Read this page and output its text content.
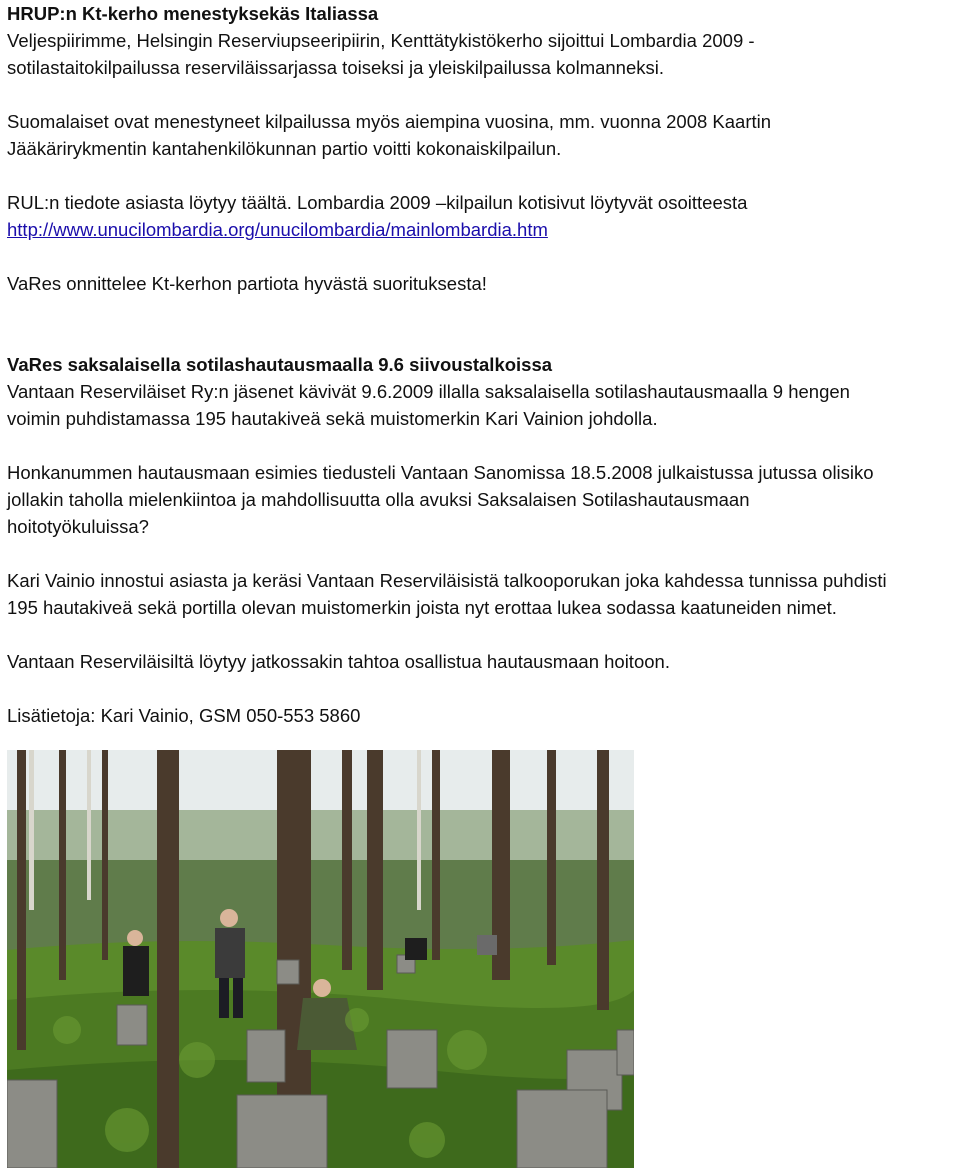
HRUP:n Kt-kerho menestyksekäs Italiassa
Veljespiirimme, Helsingin Reserviupseeripiirin, Kenttätykistökerho sijoittui Lombardia 2009 -
sotilastaitokilpailussa reserviläissarjassa toiseksi ja yleiskilpailussa kolmanneksi.
Suomalaiset ovat menestyneet kilpailussa myös aiempina vuosina, mm. vuonna 2008 Kaartin
Jääkärirykmentin kantahenkilökunnan partio voitti kokonaiskilpailun.
RUL:n tiedote asiasta löytyy täältä. Lombardia 2009 –kilpailun kotisivut löytyvät osoitteesta
http://www.unucilombardia.org/unucilombardia/mainlombardia.htm
VaRes onnittelee Kt-kerhon partiota hyvästä suorituksesta!
VaRes saksalaisella sotilashautausmaalla 9.6 siivoustalkoissa
Vantaan Reserviläiset Ry:n jäsenet kävivät 9.6.2009 illalla saksalaisella sotilashautausmaalla 9 hengen
voimin puhdistamassa 195 hautakiveä sekä muistomerkin Kari Vainion johdolla.
Honkanummen hautausmaan esimies tiedusteli Vantaan Sanomissa 18.5.2008 julkaistussa jutussa olisiko
jollakin taholla mielenkiintoa ja mahdollisuutta olla avuksi Saksalaisen Sotilashautausmaan
hoitotyökuluissa?
Kari Vainio innostui asiasta ja keräsi Vantaan Reserviläisistä talkooporukan joka kahdessa tunnissa puhdisti
195 hautakiveä sekä portilla olevan muistomerkin joista nyt erottaa lukea sodassa kaatuneiden nimet.
Vantaan Reserviläisiltä löytyy jatkossakin tahtoa osallistua hautausmaan hoitoon.
Lisätietoja: Kari Vainio, GSM 050-553 5860
